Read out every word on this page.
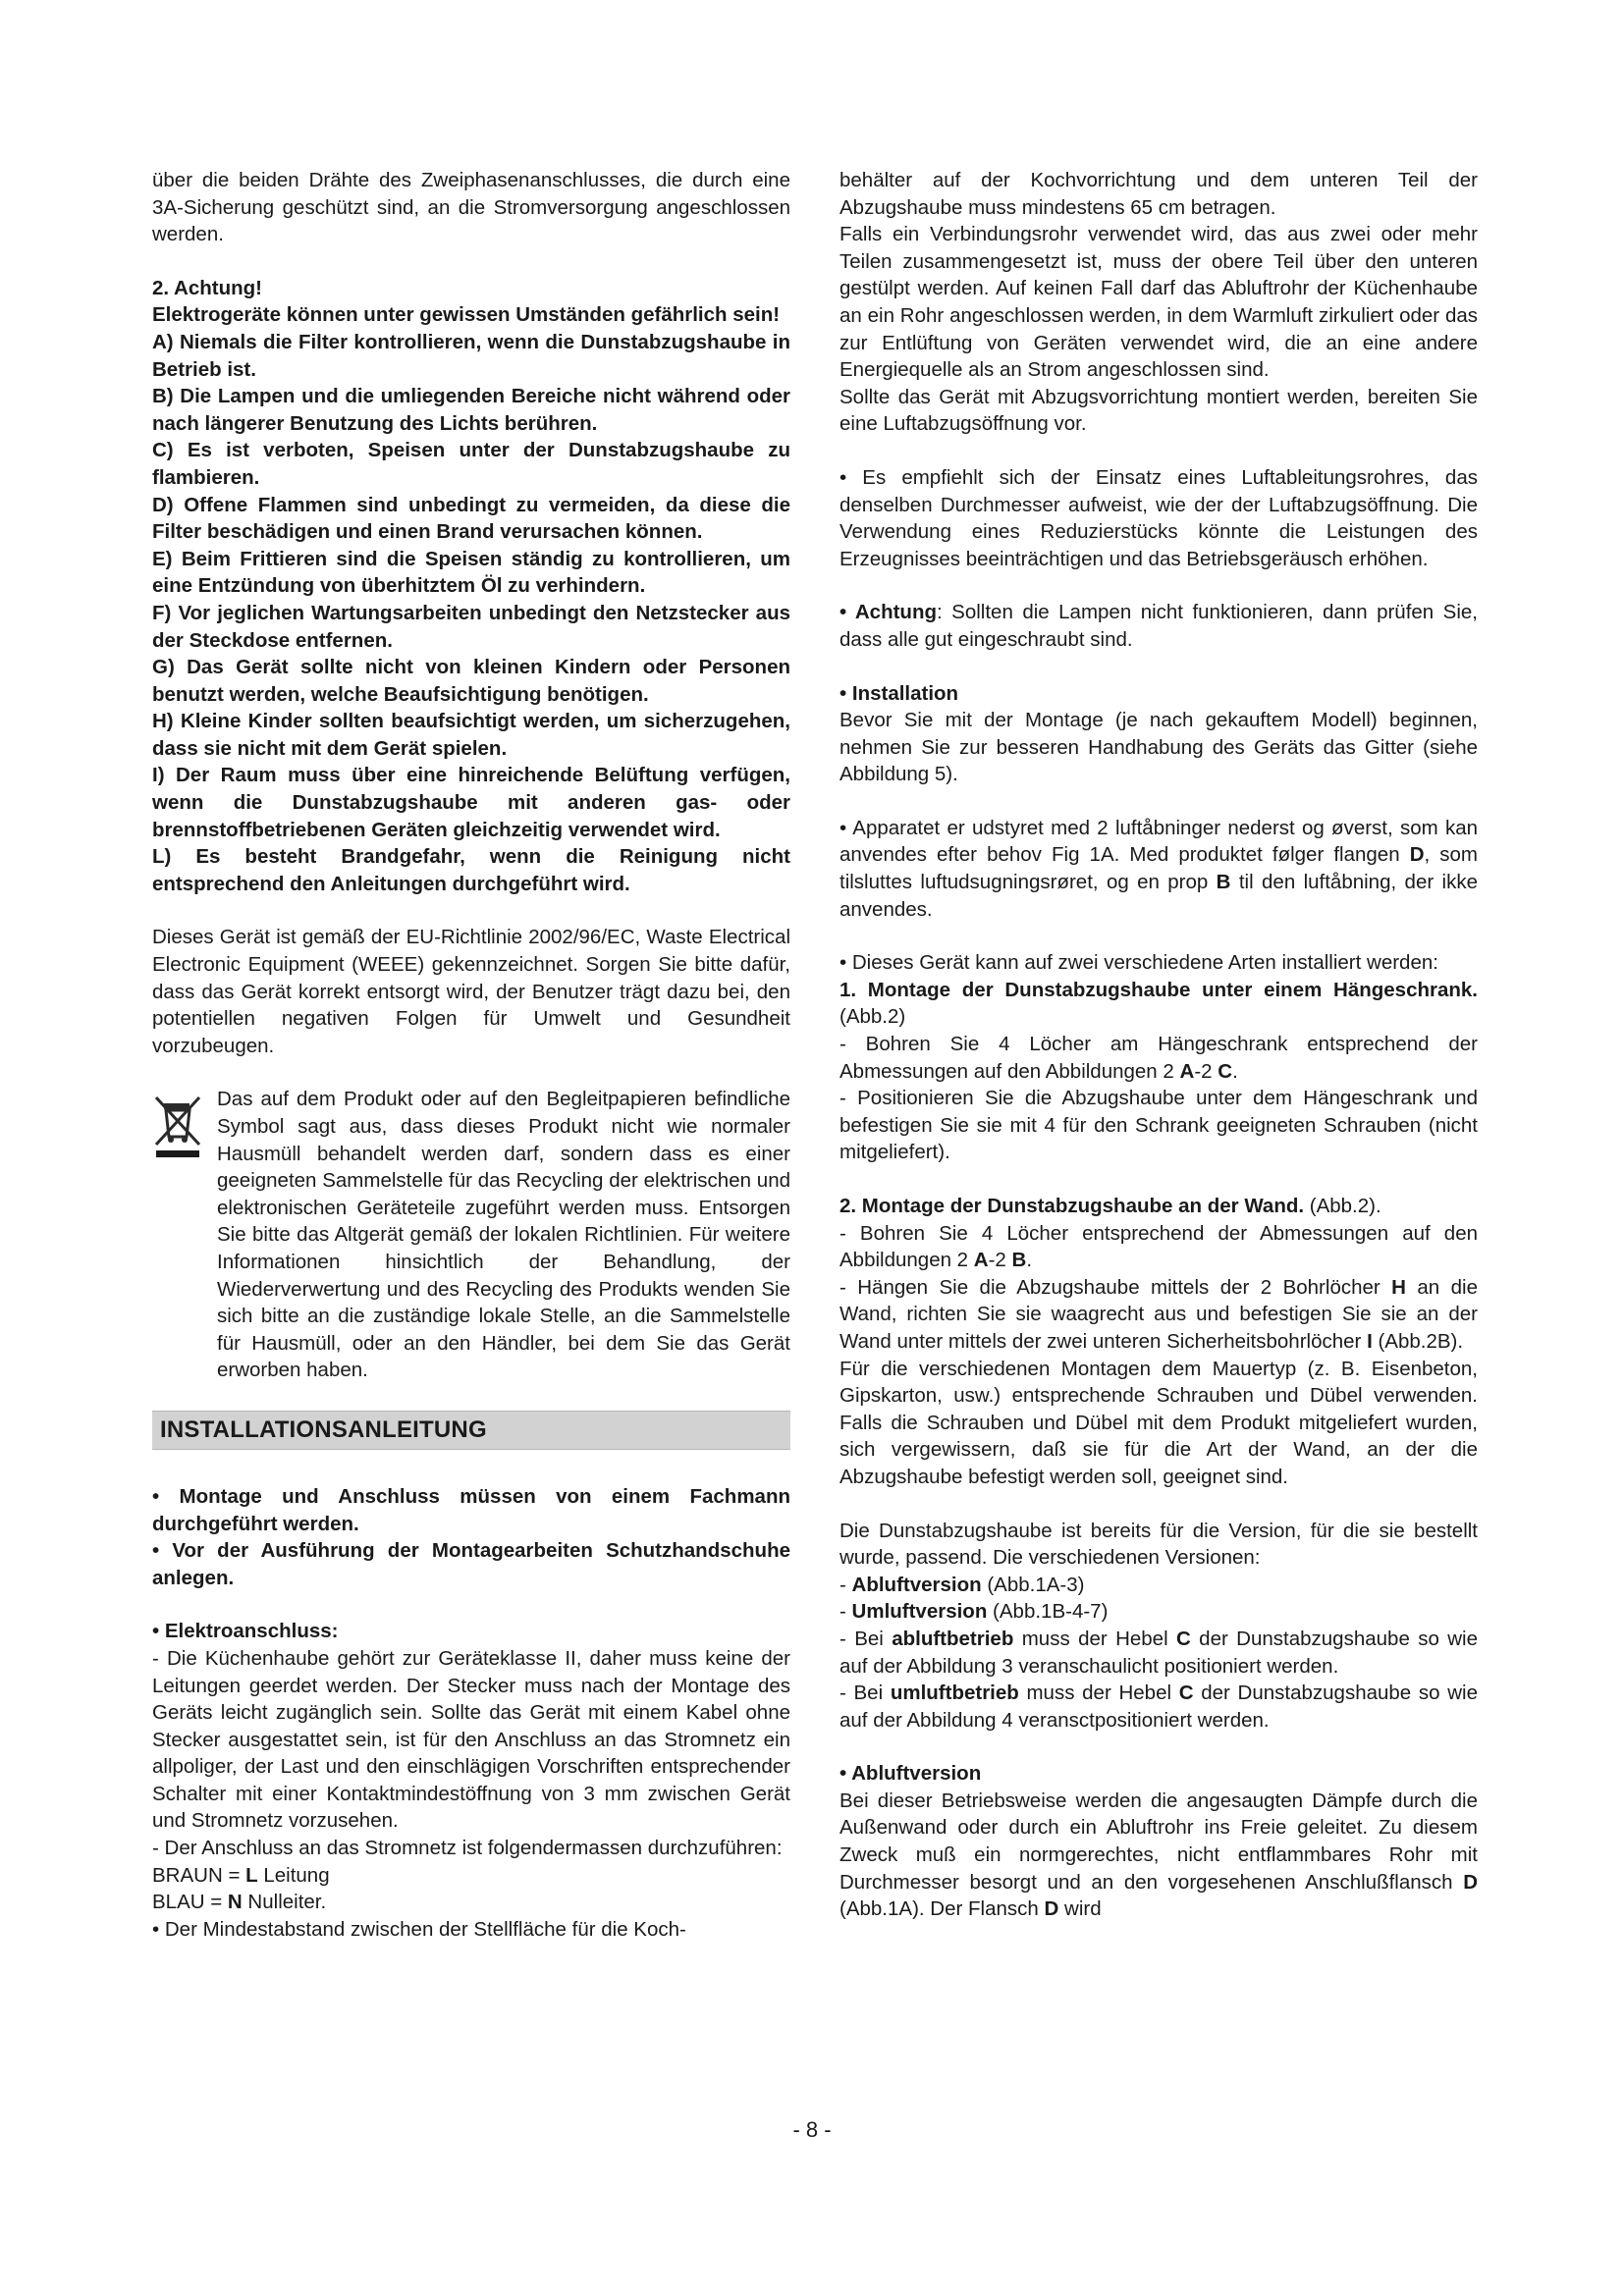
über die beiden Drähte des Zweiphasenanschlusses, die durch eine 3A-Sicherung geschützt sind, an die Stromversorgung angeschlossen werden.

2. Achtung!
Elektrogeräte können unter gewissen Umständen gefährlich sein!
A) Niemals die Filter kontrollieren, wenn die Dunstabzugshaube in Betrieb ist.
B) Die Lampen und die umliegenden Bereiche nicht während oder nach längerer Benutzung des Lichts berühren.
C) Es ist verboten, Speisen unter der Dunstabzugshaube zu flambieren.
D) Offene Flammen sind unbedingt zu vermeiden, da diese die Filter beschädigen und einen Brand verursachen können.
E) Beim Frittieren sind die Speisen ständig zu kontrollieren, um eine Entzündung von überhitztem Öl zu verhindern.
F) Vor jeglichen Wartungsarbeiten unbedingt den Netzstecker aus der Steckdose entfernen.
G) Das Gerät sollte nicht von kleinen Kindern oder Personen benutzt werden, welche Beaufsichtigung benötigen.
H) Kleine Kinder sollten beaufsichtigt werden, um sicherzugehen, dass sie nicht mit dem Gerät spielen.
I) Der Raum muss über eine hinreichende Belüftung verfügen, wenn die Dunstabzugshaube mit anderen gas- oder brennstoffbetriebenen Geräten gleichzeitig verwendet wird.
L) Es besteht Brandgefahr, wenn die Reinigung nicht entsprechend den Anleitungen durchgeführt wird.

Dieses Gerät ist gemäß der EU-Richtlinie 2002/96/EC, Waste Electrical Electronic Equipment (WEEE) gekennzeichnet. Sorgen Sie bitte dafür, dass das Gerät korrekt entsorgt wird, der Benutzer trägt dazu bei, den potentiellen negativen Folgen für Umwelt und Gesundheit vorzubeugen.

Das auf dem Produkt oder auf den Begleitpapieren befindliche Symbol sagt aus, dass dieses Produkt nicht wie normaler Hausmüll behandelt werden darf, sondern dass es einer geeigneten Sammelstelle für das Recycling der elektrischen und elektronischen Geräteteile zugeführt werden muss. Entsorgen Sie bitte das Altgerät gemäß der lokalen Richtlinien. Für weitere Informationen hinsichtlich der Behandlung, der Wiederverwertung und des Recycling des Produkts wenden Sie sich bitte an die zuständige lokale Stelle, an die Sammelstelle für Hausmüll, oder an den Händler, bei dem Sie das Gerät erworben haben.
INSTALLATIONSANLEITUNG
• Montage und Anschluss müssen von einem Fachmann durchgeführt werden.
• Vor der Ausführung der Montagearbeiten Schutzhandschuhe anlegen.
• Elektroanschluss:
- Die Küchenhaube gehört zur Geräteklasse II, daher muss keine der Leitungen geerdet werden. Der Stecker muss nach der Montage des Geräts leicht zugänglich sein. Sollte das Gerät mit einem Kabel ohne Stecker ausgestattet sein, ist für den Anschluss an das Stromnetz ein allpoliger, der Last und den einschlägigen Vorschriften entsprechender Schalter mit einer Kontaktmindestöffnung von 3 mm zwischen Gerät und Stromnetz vorzusehen.
- Der Anschluss an das Stromnetz ist folgendermassen durchzuführen:
BRAUN = L Leitung
BLAU = N Nulleiter.
• Der Mindestabstand zwischen der Stellfläche für die Koch-
behälter auf der Kochvorrichtung und dem unteren Teil der Abzugshaube muss mindestens 65 cm betragen.
Falls ein Verbindungsrohr verwendet wird, das aus zwei oder mehr Teilen zusammengesetzt ist, muss der obere Teil über den unteren gestülpt werden. Auf keinen Fall darf das Abluftrohr der Küchenhaube an ein Rohr angeschlossen werden, in dem Warmluft zirkuliert oder das zur Entlüftung von Geräten verwendet wird, die an eine andere Energiequelle als an Strom angeschlossen sind.
Sollte das Gerät mit Abzugsvorrichtung montiert werden, bereiten Sie eine Luftabzugsöffnung vor.

• Es empfiehlt sich der Einsatz eines Luftableitungsrohres, das denselben Durchmesser aufweist, wie der der Luftabzugsöffnung. Die Verwendung eines Reduzierstücks könnte die Leistungen des Erzeugnisses beeinträchtigen und das Betriebsgeräusch erhöhen.

• Achtung: Sollten die Lampen nicht funktionieren, dann prüfen Sie, dass alle gut eingeschraubt sind.

• Installation
Bevor Sie mit der Montage (je nach gekauftem Modell) beginnen, nehmen Sie zur besseren Handhabung des Geräts das Gitter (siehe Abbildung 5).

• Apparatet er udstyret med 2 luftåbninger nederst og øverst, som kan anvendes efter behov Fig 1A. Med produktet følger flangen D, som tilsluttes luftudsugningsrøret, og en prop B til den luftåbning, der ikke anvendes.

• Dieses Gerät kann auf zwei verschiedene Arten installiert werden:
1. Montage der Dunstabzugshaube unter einem Hängeschrank.(Abb.2)
- Bohren Sie 4 Löcher am Hängeschrank entsprechend der Abmessungen auf den Abbildungen 2 A-2 C.
- Positionieren Sie die Abzugshaube unter dem Hängeschrank und befestigen Sie sie mit 4 für den Schrank geeigneten Schrauben (nicht mitgeliefert).
2. Montage der Dunstabzugshaube an der Wand. (Abb.2).
- Bohren Sie 4 Löcher entsprechend der Abmessungen auf den Abbildungen 2 A-2 B.
- Hängen Sie die Abzugshaube mittels der 2 Bohrlöcher H an die Wand, richten Sie sie waagrecht aus und befestigen Sie sie an der Wand unter mittels der zwei unteren Sicherheitsbohrlöcher I (Abb.2B).
Für die verschiedenen Montagen dem Mauertyp (z. B. Eisenbeton, Gipskarton, usw.) entsprechende Schrauben und Dübel verwenden. Falls die Schrauben und Dübel mit dem Produkt mitgeliefert wurden, sich vergewissern, daß sie für die Art der Wand, an der die Abzugshaube befestigt werden soll, geeignet sind.
Die Dunstabzugshaube ist bereits für die Version, für die sie bestellt wurde, passend. Die verschiedenen Versionen:
- Abluftversion (Abb.1A-3)
- Umluftversion (Abb.1B-4-7)
- Bei abluftbetrieb muss der Hebel C der Dunstabzugshaube so wie auf der Abbildung 3 veranschaulicht positioniert werden.
- Bei umluftbetrieb muss der Hebel C der Dunstabzugshaube so wie auf der Abbildung 4 veransctpositioniert werden.
• Abluftversion
Bei dieser Betriebsweise werden die angesaugten Dämpfe durch die Außenwand oder durch ein Abluftrohr ins Freie geleitet. Zu diesem Zweck muß ein normgerechtes, nicht entflammbares Rohr mit Durchmesser besorgt und an den vorgesehenen Anschlußflansch D (Abb.1A). Der Flansch D wird
- 8 -
